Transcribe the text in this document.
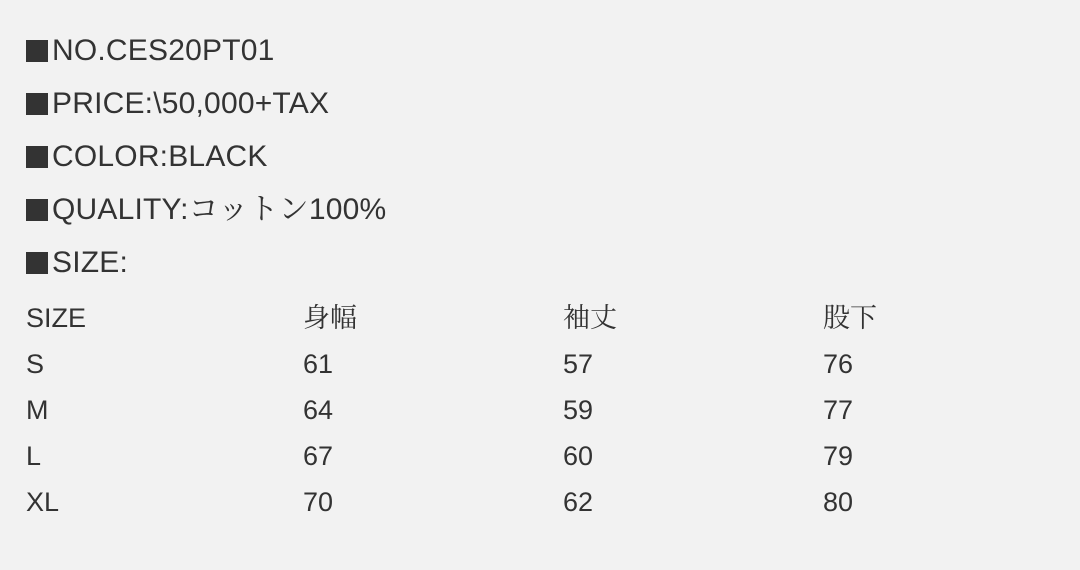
NO.CES20PT01
PRICE:\50,000+TAX
COLOR:BLACK
QUALITY:コットン100%
SIZE:
SIZE	身幅	袖丈	股下
S	61	57	76
M	64	59	77
L	67	60	79
XL	70	62	80
